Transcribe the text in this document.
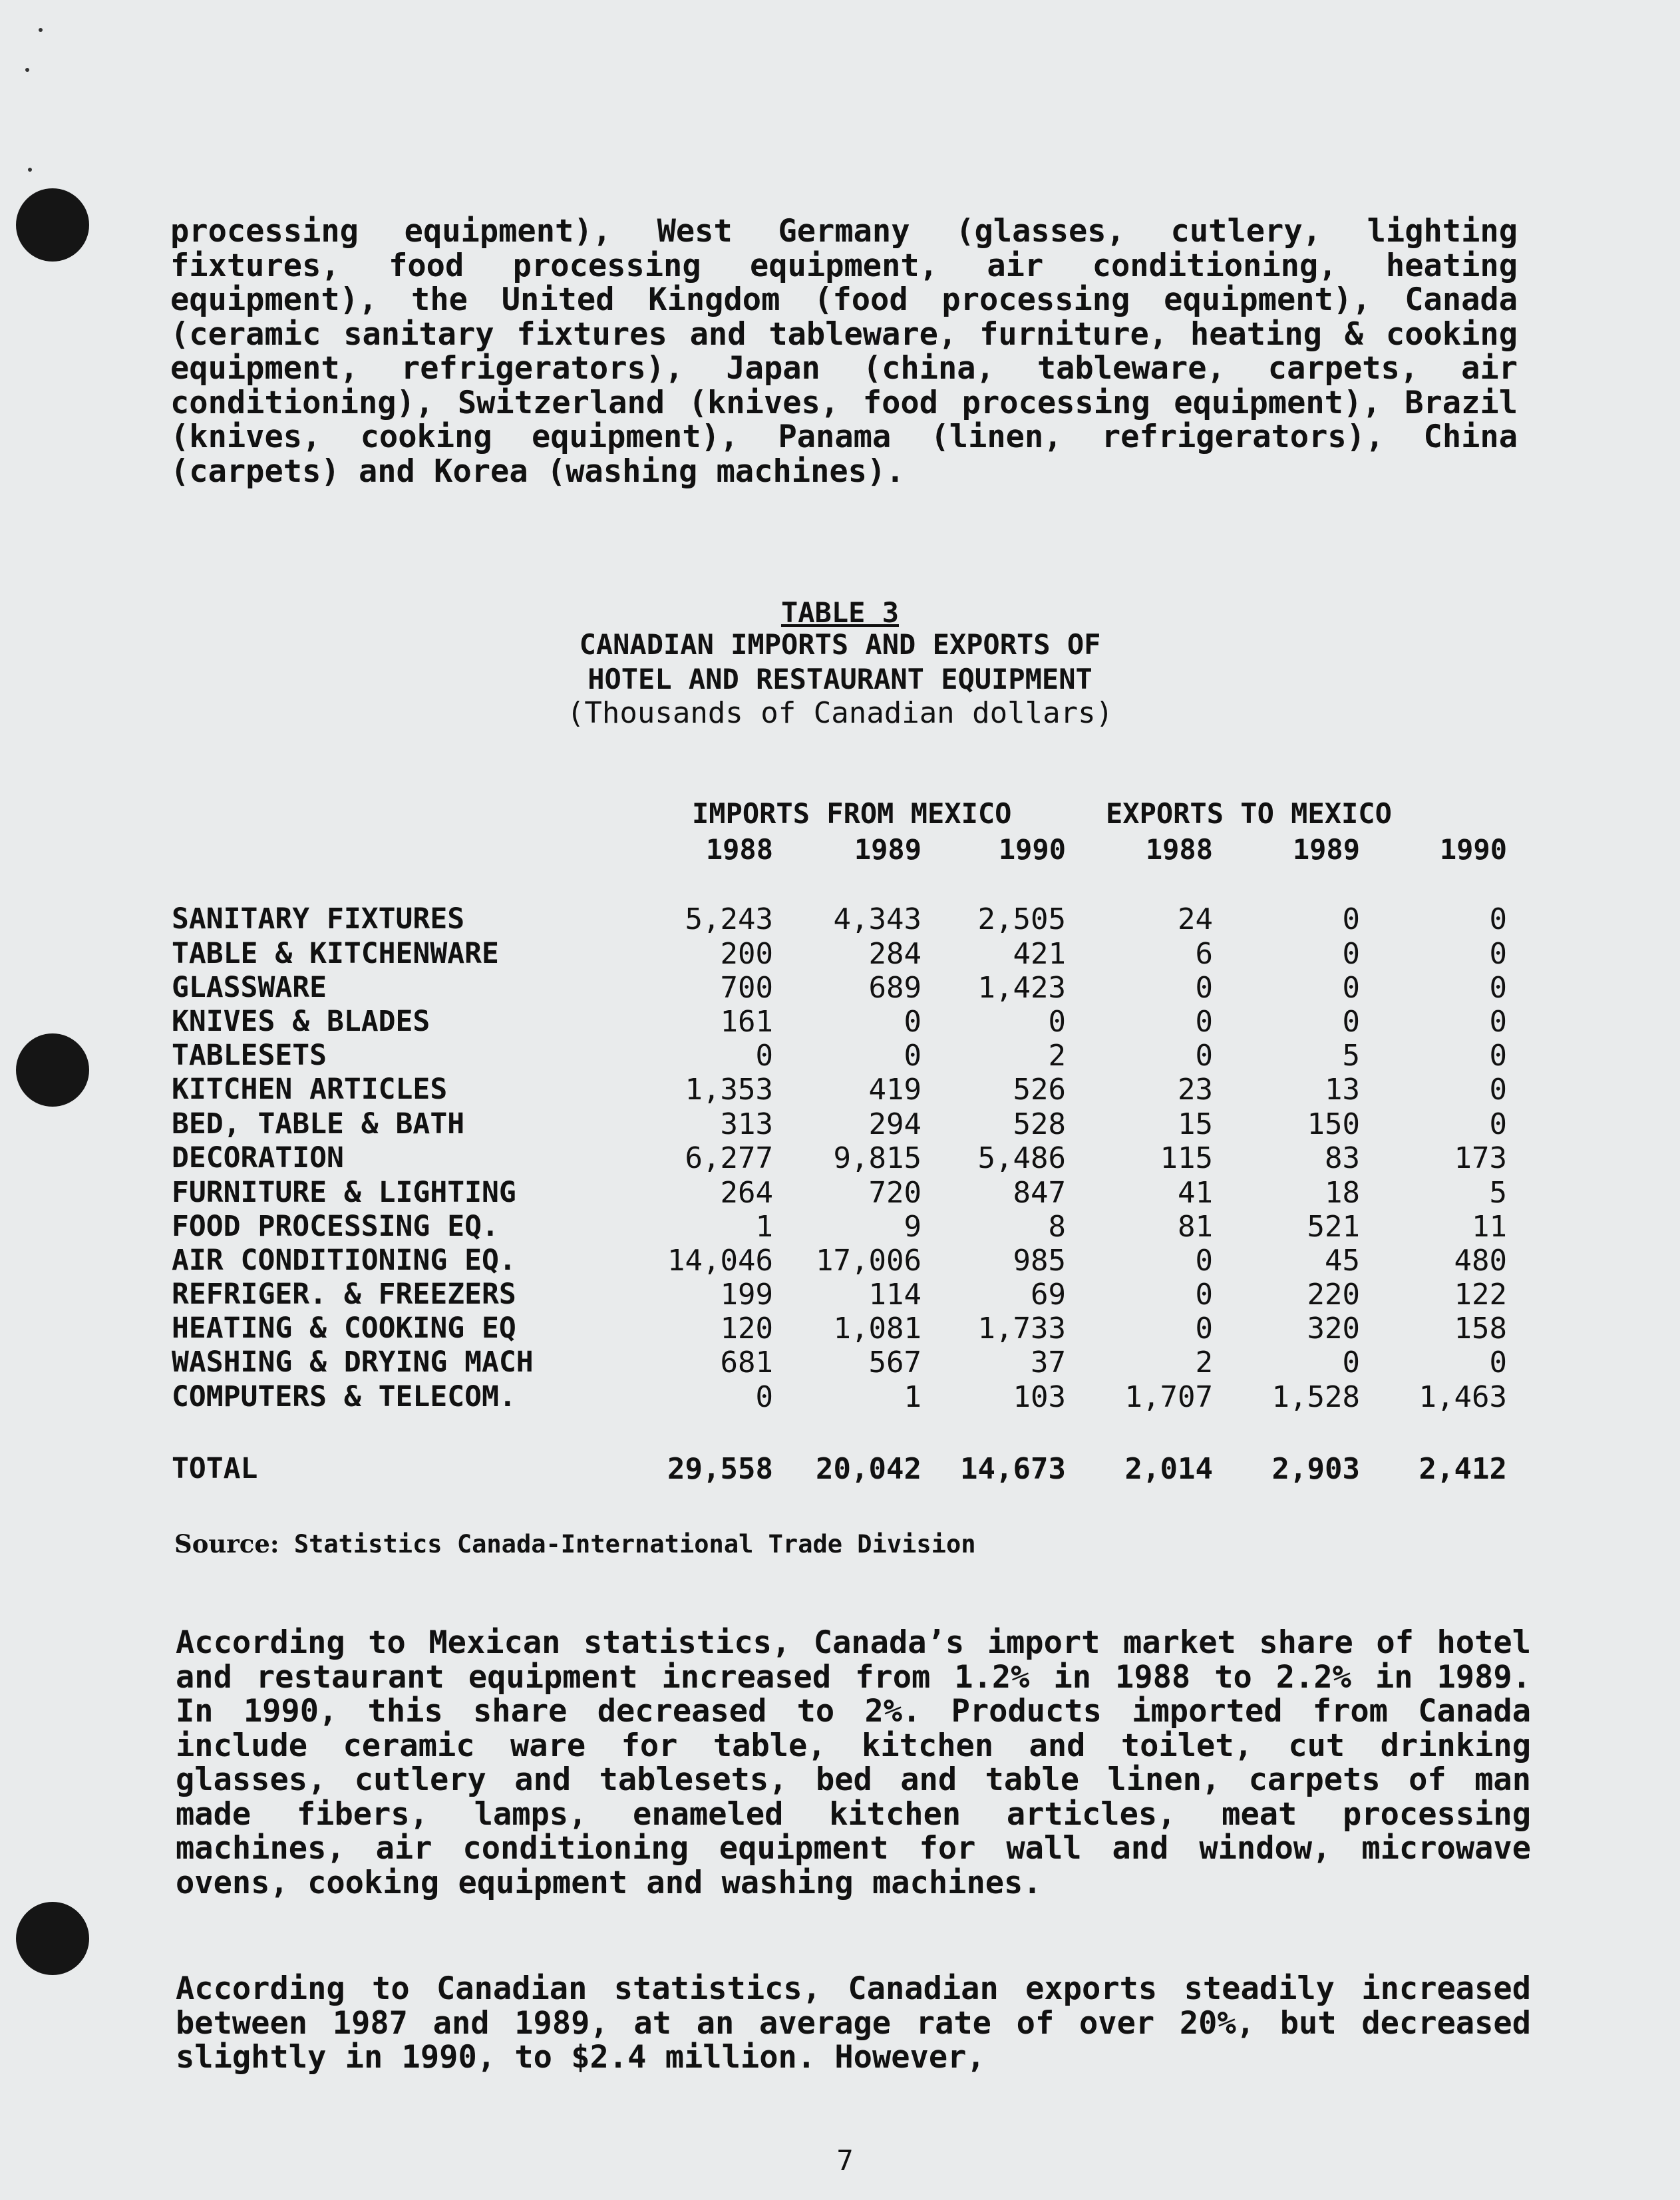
processing equipment), West Germany (glasses, cutlery, lighting fixtures, food processing equipment, air conditioning, heating equipment), the United Kingdom (food processing equipment), Canada (ceramic sanitary fixtures and tableware, furniture, heating & cooking equipment, refrigerators), Japan (china, tableware, carpets, air conditioning), Switzerland (knives, food processing equipment), Brazil (knives, cooking equipment), Panama (linen, refrigerators), China (carpets) and Korea (washing machines).
TABLE 3
CANADIAN IMPORTS AND EXPORTS OF
HOTEL AND RESTAURANT EQUIPMENT
(Thousands of Canadian dollars)
IMPORTS FROM MEXICO	EXPORTS TO MEXICO
1988	1989	1990	1988	1989	1990
SANITARY FIXTURES	5,243	4,343	2,505	24	0	0
TABLE & KITCHENWARE	200	284	421	6	0	0
GLASSWARE	700	689	1,423	0	0	0
KNIVES & BLADES	161	0	0	0	0	0
TABLESETS	0	0	2	0	5	0
KITCHEN ARTICLES	1,353	419	526	23	13	0
BED, TABLE & BATH	313	294	528	15	150	0
DECORATION	6,277	9,815	5,486	115	83	173
FURNITURE & LIGHTING	264	720	847	41	18	5
FOOD PROCESSING EQ.	1	9	8	81	521	11
AIR CONDITIONING EQ.	14,046	17,006	985	0	45	480
REFRIGER. & FREEZERS	199	114	69	0	220	122
HEATING & COOKING EQ	120	1,081	1,733	0	320	158
WASHING & DRYING MACH	681	567	37	2	0	0
COMPUTERS & TELECOM.	0	1	103	1,707	1,528	1,463
TOTAL	29,558	20,042	14,673	2,014	2,903	2,412
Source: Statistics Canada-International Trade Division
According to Mexican statistics, Canada’s import market share of hotel and restaurant equipment increased from 1.2% in 1988 to 2.2% in 1989. In 1990, this share decreased to 2%. Products imported from Canada include ceramic ware for table, kitchen and toilet, cut drinking glasses, cutlery and tablesets, bed and table linen, carpets of man made fibers, lamps, enameled kitchen articles, meat processing machines, air conditioning equipment for wall and window, microwave ovens, cooking equipment and washing machines.
According to Canadian statistics, Canadian exports steadily increased between 1987 and 1989, at an average rate of over 20%, but decreased slightly in 1990, to $2.4 million. However,
7
